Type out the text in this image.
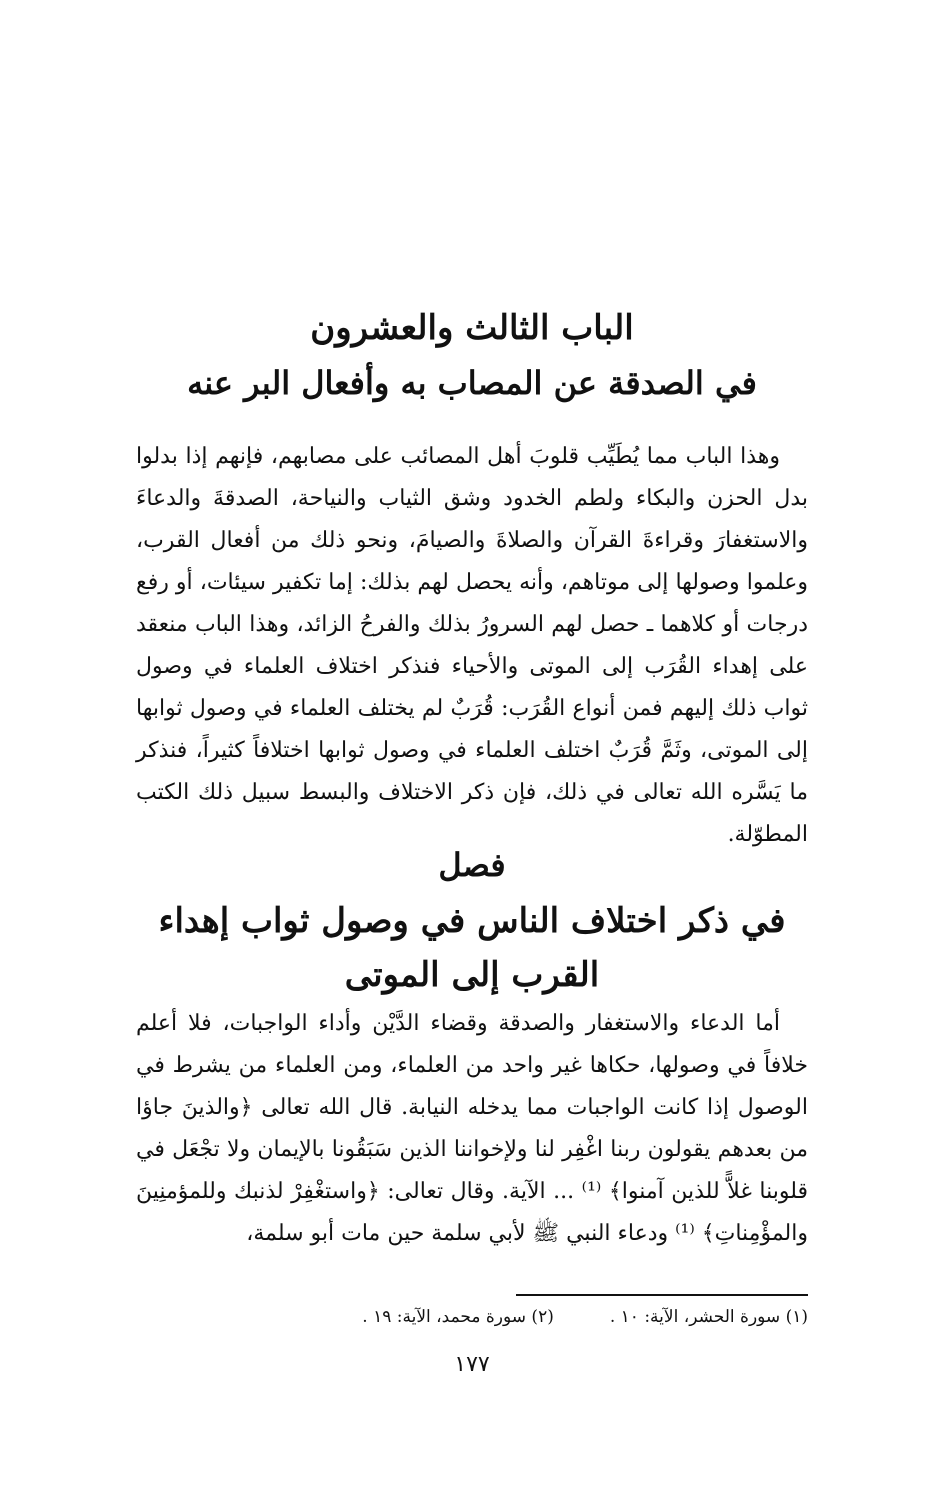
الباب الثالث والعشرون
في الصدقة عن المصاب به وأفعال البر عنه

وهذا الباب مما يُطَيِّب قلوبَ أهل المصائب على مصابهم، فإنهم إذا بدلوا بدل الحزن والبكاء ولطم الخدود وشق الثياب والنياحة، الصدقةَ والدعاءَ والاستغفارَ وقراءةَ القرآن والصلاةَ والصيامَ، ونحو ذلك من أفعال القرب، وعلموا وصولها إلى موتاهم، وأنه يحصل لهم بذلك: إما تكفير سيئات، أو رفع درجات أو كلاهما ـ حصل لهم السرورُ بذلك والفرحُ الزائد، وهذا الباب منعقد على إهداء القُرَب إلى الموتى والأحياء فنذكر اختلاف العلماء في وصول ثواب ذلك إليهم فمن أنواع القُرَب: قُرَبٌ لم يختلف العلماء في وصول ثوابها إلى الموتى، وثَمَّ قُرَبٌ اختلف العلماء في وصول ثوابها اختلافاً كثيراً، فنذكر ما يَسَّره الله تعالى في ذلك، فإن ذكر الاختلاف والبسط سبيل ذلك الكتب المطوّلة.

فصل
في ذكر اختلاف الناس في وصول ثواب إهداء القرب إلى الموتى

أما الدعاء والاستغفار والصدقة وقضاء الدَّيْن وأداء الواجبات، فلا أعلم خلافاً في وصولها، حكاها غير واحد من العلماء، ومن العلماء من يشرط في الوصول إذا كانت الواجبات مما يدخله النيابة. قال الله تعالى ﴿والذينَ جاؤا من بعدهم يقولون ربنا اغْفِر لنا ولإخواننا الذين سَبَقُونا بالإيمان ولا تجْعَل في قلوبنا غلاًّ للذين آمنوا﴾ ⁽¹⁾ ... الآية. وقال تعالى: ﴿واستغْفِرْ لذنبك وللمؤمنِينَ والمؤْمِناتِ﴾ ⁽¹⁾ ودعاء النبي ﷺ لأبي سلمة حين مات أبو سلمة،

(١) سورة الحشر، الآية: ١٠ .
(٢) سورة محمد، الآية: ١٩ .
١٧٧
